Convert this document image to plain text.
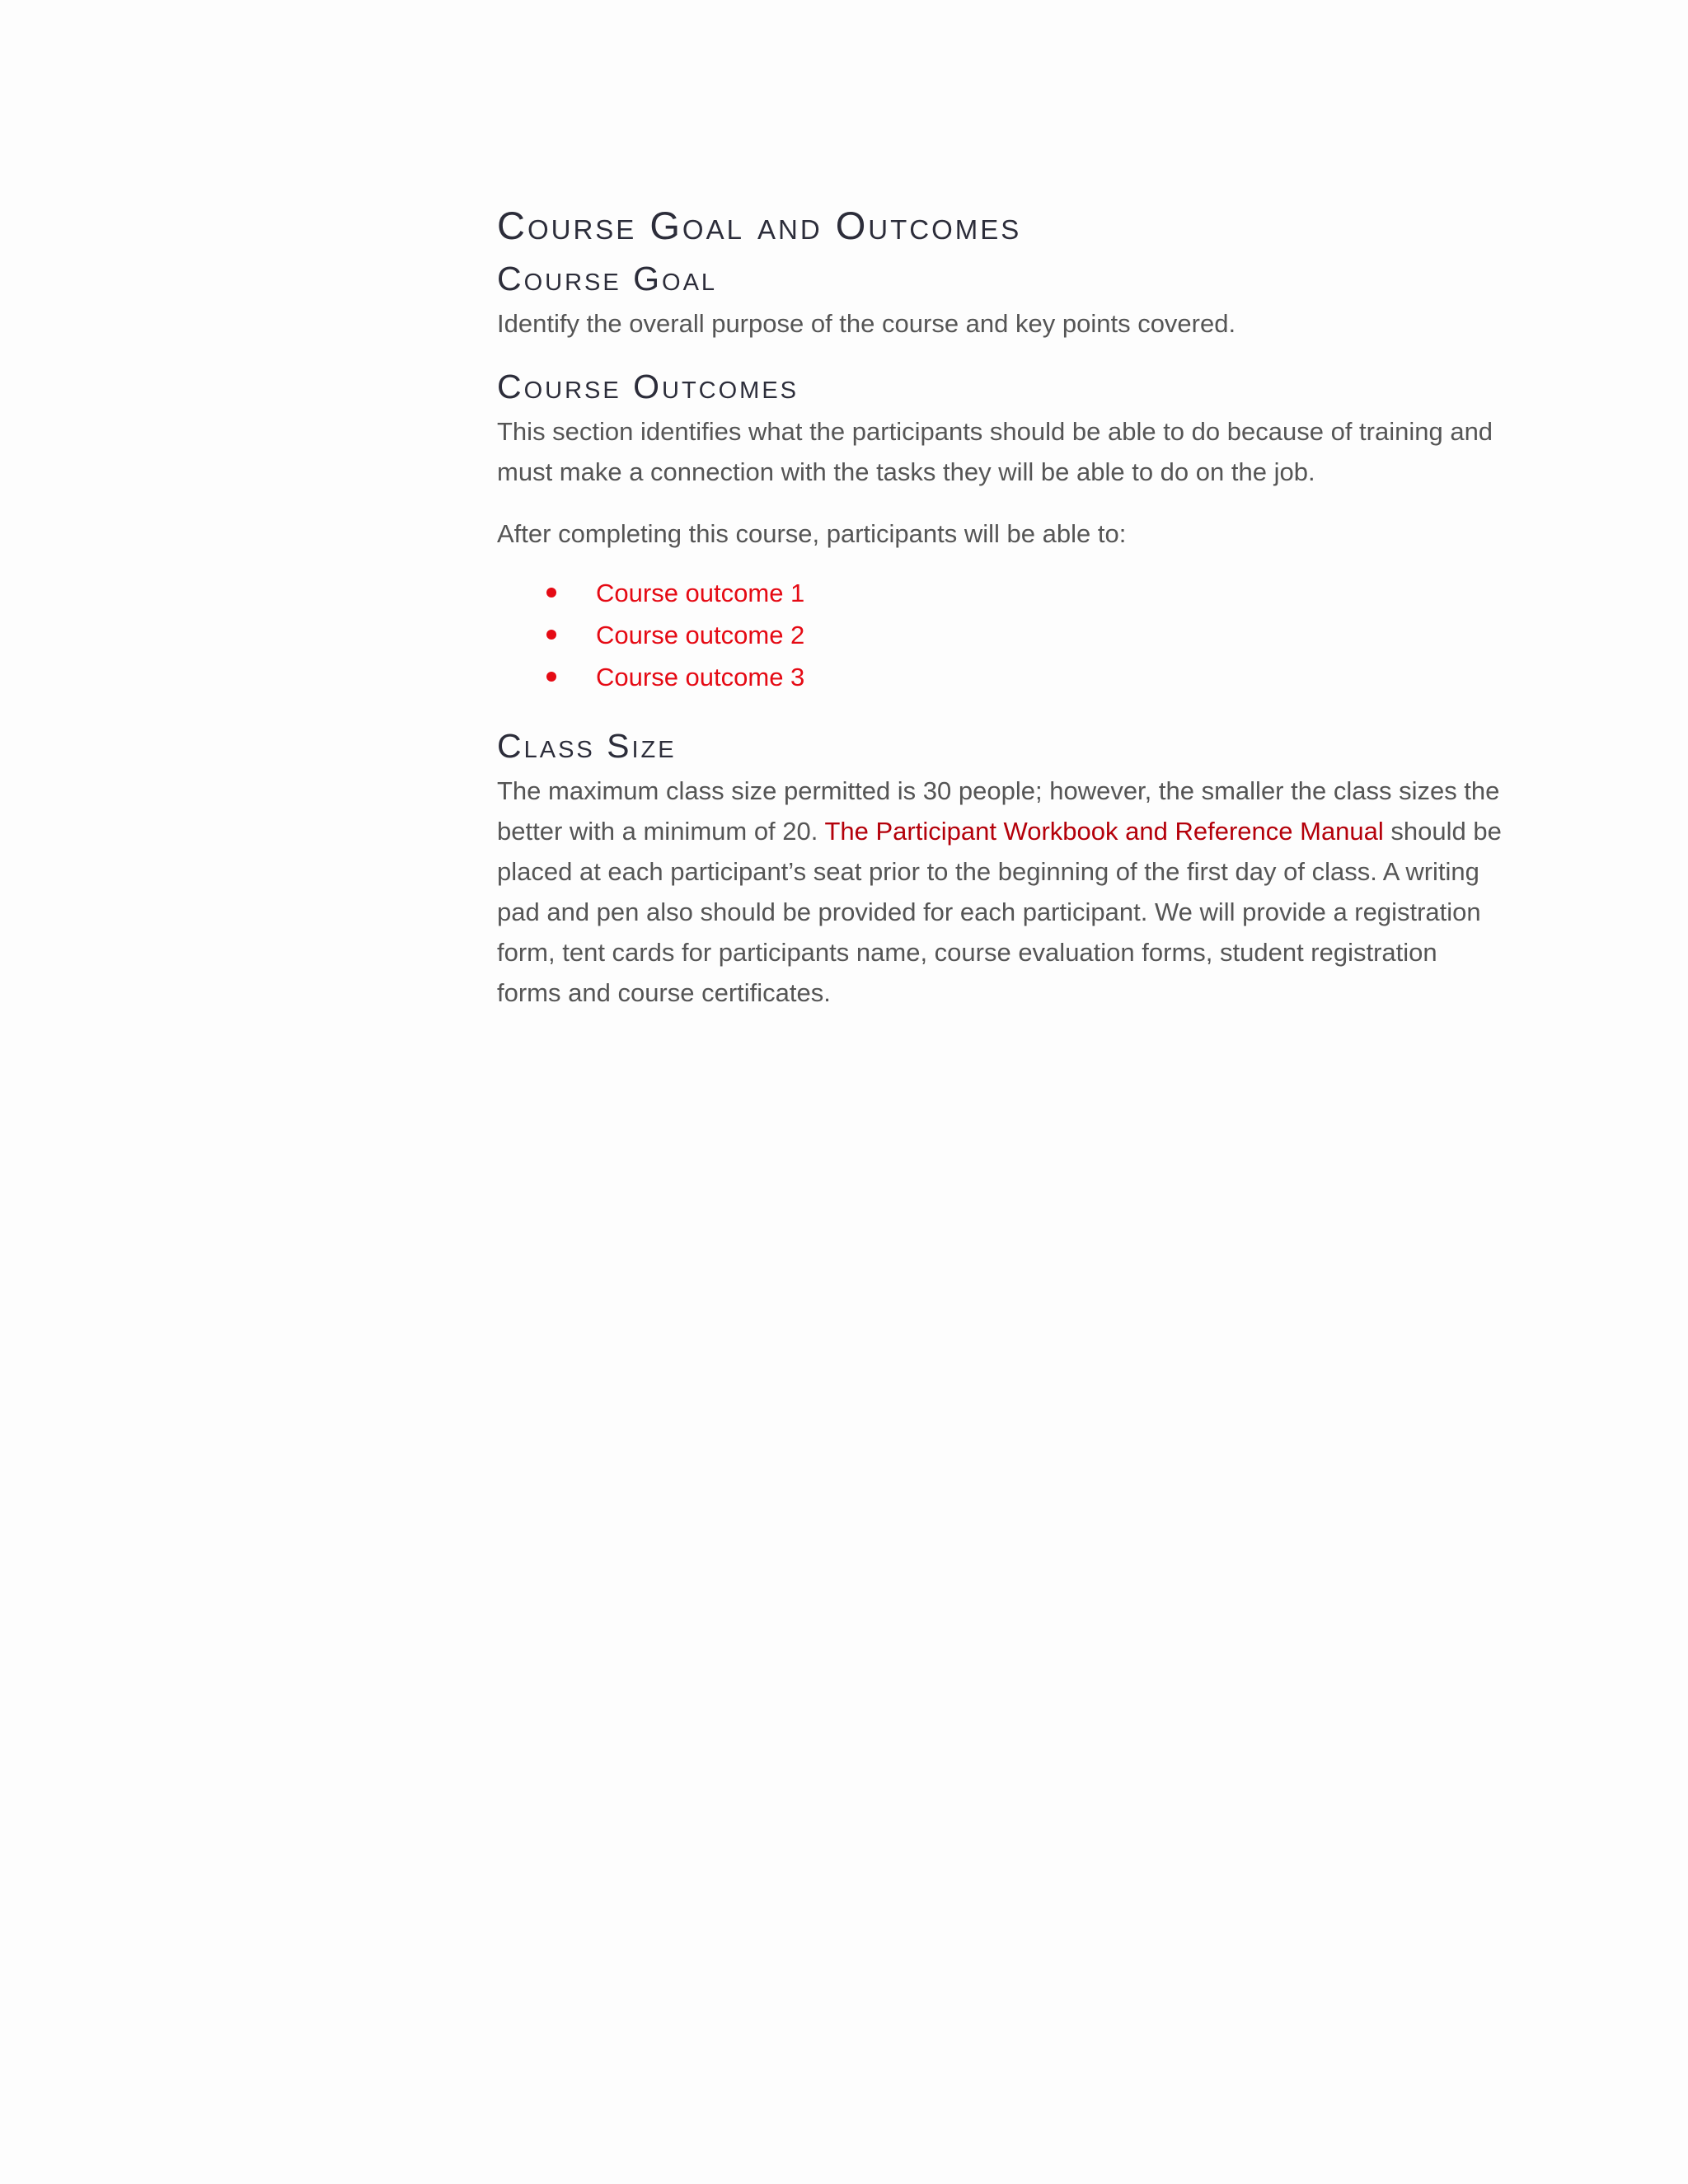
Course Goal and Outcomes
Course Goal

Identify the overall purpose of the course and key points covered.

Course Outcomes

This section identifies what the participants should be able to do because of training and must make a connection with the tasks they will be able to do on the job.

After completing this course, participants will be able to:

Course outcome 1
Course outcome 2
Course outcome 3
Class Size

The maximum class size permitted is 30 people; however, the smaller the class sizes the better with a minimum of 20. The Participant Workbook and Reference Manual should be placed at each participant’s seat prior to the beginning of the first day of class. A writing pad and pen also should be provided for each participant. We will provide a registration form, tent cards for participants name, course evaluation forms, student registration forms and course certificates.
